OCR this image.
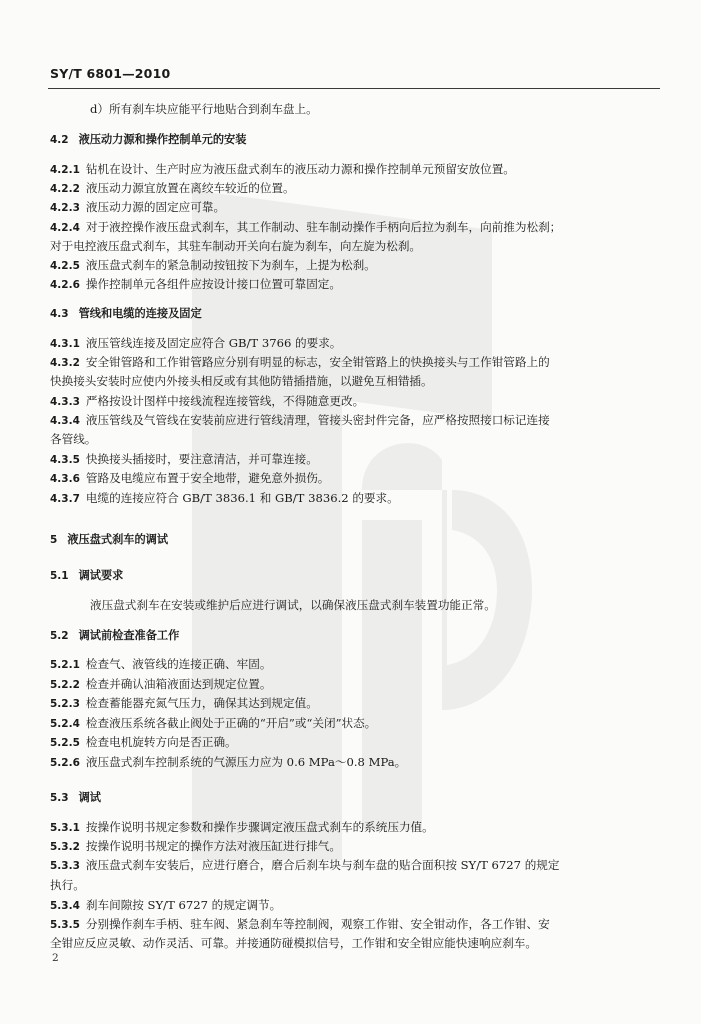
SY/T 6801—2010
d）所有刹车块应能平行地贴合到刹车盘上。
4.2 液压动力源和操作控制单元的安装
4.2.1 钻机在设计、生产时应为液压盘式刹车的液压动力源和操作控制单元预留安放位置。
4.2.2 液压动力源宜放置在离绞车较近的位置。
4.2.3 液压动力源的固定应可靠。
4.2.4 对于液控操作液压盘式刹车，其工作制动、驻车制动操作手柄向后拉为刹车，向前推为松刹；
对于电控液压盘式刹车，其驻车制动开关向右旋为刹车，向左旋为松刹。
4.2.5 液压盘式刹车的紧急制动按钮按下为刹车，上提为松刹。
4.2.6 操作控制单元各组件应按设计接口位置可靠固定。
4.3 管线和电缆的连接及固定
4.3.1 液压管线连接及固定应符合 GB/T 3766 的要求。
4.3.2 安全钳管路和工作钳管路应分别有明显的标志，安全钳管路上的快换接头与工作钳管路上的
快换接头安装时应使内外接头相反或有其他防错插措施，以避免互相错插。
4.3.3 严格按设计图样中接线流程连接管线，不得随意更改。
4.3.4 液压管线及气管线在安装前应进行管线清理，管接头密封件完备，应严格按照接口标记连接
各管线。
4.3.5 快换接头插接时，要注意清洁，并可靠连接。
4.3.6 管路及电缆应布置于安全地带，避免意外损伤。
4.3.7 电缆的连接应符合 GB/T 3836.1 和 GB/T 3836.2 的要求。
5 液压盘式刹车的调试
5.1 调试要求
液压盘式刹车在安装或维护后应进行调试，以确保液压盘式刹车装置功能正常。
5.2 调试前检查准备工作
5.2.1 检查气、液管线的连接正确、牢固。
5.2.2 检查并确认油箱液面达到规定位置。
5.2.3 检查蓄能器充氮气压力，确保其达到规定值。
5.2.4 检查液压系统各截止阀处于正确的“开启”或“关闭”状态。
5.2.5 检查电机旋转方向是否正确。
5.2.6 液压盘式刹车控制系统的气源压力应为 0.6 MPa～0.8 MPa。
5.3 调试
5.3.1 按操作说明书规定参数和操作步骤调定液压盘式刹车的系统压力值。
5.3.2 按操作说明书规定的操作方法对液压缸进行排气。
5.3.3 液压盘式刹车安装后，应进行磨合，磨合后刹车块与刹车盘的贴合面积按 SY/T 6727 的规定
执行。
5.3.4 刹车间隙按 SY/T 6727 的规定调节。
5.3.5 分别操作刹车手柄、驻车阀、紧急刹车等控制阀，观察工作钳、安全钳动作，各工作钳、安
全钳应反应灵敏、动作灵活、可靠。并接通防碰模拟信号，工作钳和安全钳应能快速响应刹车。
2
